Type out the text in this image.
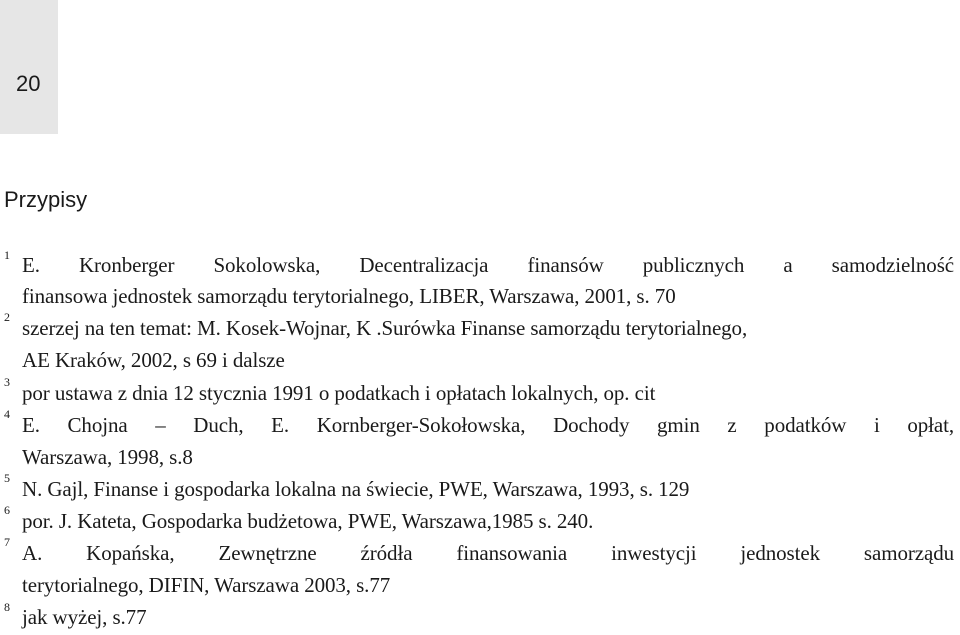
20
Przypisy
1 E. Kronberger Sokolowska, Decentralizacja finansów publicznych a samodzielność
finansowa jednostek samorządu terytorialnego, LIBER, Warszawa, 2001, s. 70
2 szerzej na ten temat: M. Kosek-Wojnar, K .Surówka Finanse samorządu terytorialnego,
AE Kraków, 2002, s 69 i dalsze
3 por ustawa z dnia 12 stycznia 1991 o podatkach i opłatach lokalnych, op. cit
4 E. Chojna – Duch, E. Kornberger-Sokołowska, Dochody gmin z podatków i opłat,
Warszawa, 1998, s.8
5 N. Gajl, Finanse i gospodarka lokalna na świecie, PWE, Warszawa, 1993, s. 129
6 por. J. Kateta, Gospodarka budżetowa, PWE, Warszawa,1985 s. 240.
7 A. Kopańska, Zewnętrzne źródła finansowania inwestycji jednostek samorządu
terytorialnego, DIFIN, Warszawa 2003, s.77
8 jak wyżej, s.77
